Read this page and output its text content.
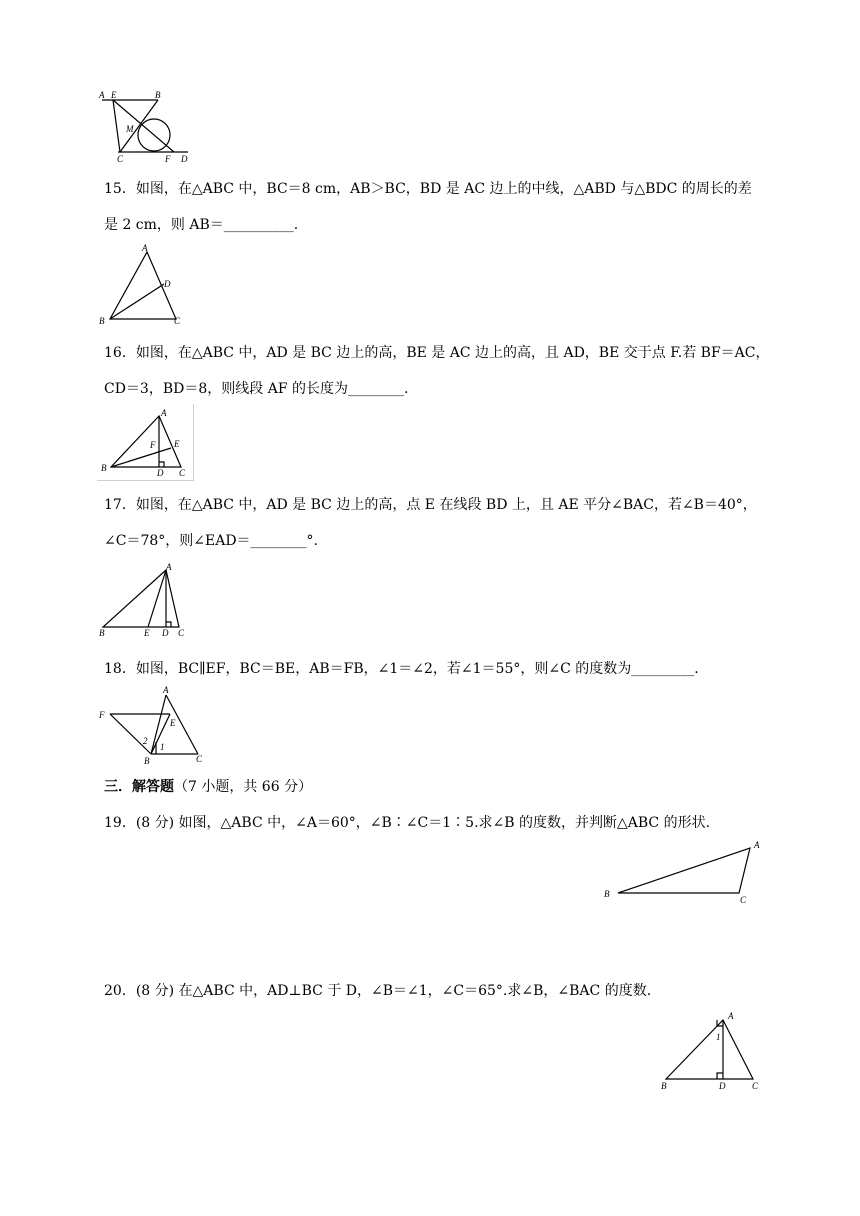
A E	B
M
C	F D
15．如图，在△ABC 中，BC＝8 cm，AB＞BC，BD 是 AC 边上的中线，△ABD 与△BDC 的周长的差
是 2 cm，则 AB＝__________.
A
D
B	C
16．如图，在△ABC 中，AD 是 BC 边上的高，BE 是 AC 边上的高，且 AD，BE 交于点 F.若 BF＝AC，
CD＝3，BD＝8，则线段 AF 的长度为________.
A
F E
B	D C
17．如图，在△ABC 中，AD 是 BC 边上的高，点 E 在线段 BD 上，且 AE 平分∠BAC，若∠B＝40°，
∠C＝78°，则∠EAD＝________°.
A
B	E D C
18．如图，BC∥EF，BC＝BE，AB＝FB，∠1＝∠2，若∠1＝55°，则∠C 的度数为_________.
A
F
E
2
1
B	C
三．解答题（7 小题，共 66 分）
19．(8 分) 如图，△ABC 中，∠A＝60°，∠B∶∠C＝1∶5.求∠B 的度数，并判断△ABC 的形状.
A
B
C
20．(8 分) 在△ABC 中，AD⊥BC 于 D，∠B＝∠1，∠C＝65°.求∠B，∠BAC 的度数.
A
1
B	D	C
